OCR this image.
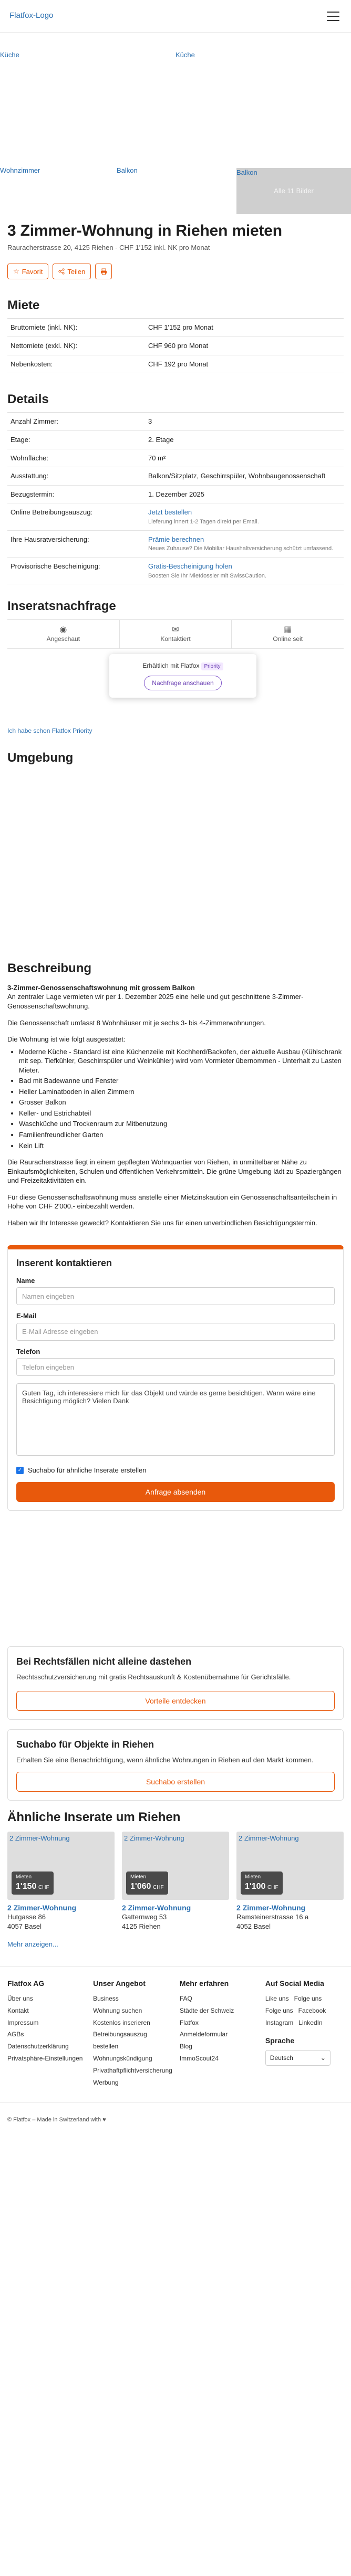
Flatfox-Logo
Küche	Küche
Wohnzimmer	Balkon	Balkon
Alle 11 Bilder
3 Zimmer-Wohnung in Riehen mieten
Rauracherstrasse 20, 4125 Riehen - CHF 1'152 inkl. NK pro Monat
☆ Favorit	Teilen
Miete
Bruttomiete (inkl. NK):	CHF 1'152 pro Monat
Nettomiete (exkl. NK):	CHF 960 pro Monat
Nebenkosten:	CHF 192 pro Monat
Details
Anzahl Zimmer:	3
Etage:	2. Etage
Wohnfläche:	70 m²
Ausstattung:	Balkon/Sitzplatz, Geschirrspüler, Wohnbaugenossenschaft
Bezugstermin:	1. Dezember 2025
Online Betreibungsauszug:	Jetzt bestellen
Lieferung innert 1-2 Tagen direkt per Email.

Ihre Hausratversicherung:	Prämie berechnen
Neues Zuhause? Die Mobiliar Haushaltversicherung schützt umfassend.

Provisorische Bescheinigung:	Gratis-Bescheinigung holen
Boosten Sie Ihr Mietdossier mit SwissCaution.
Inseratsnachfrage
◉
Angeschaut
✉
Kontaktiert
▦
Online seit
Erhältlich mit Flatfox Priority
Nachfrage anschauen
Ich habe schon Flatfox Priority
Umgebung
Beschreibung

3-Zimmer-Genossenschaftswohnung mit grossem Balkon
An zentraler Lage vermieten wir per 1. Dezember 2025 eine helle und gut geschnittene 3-Zimmer-Genossenschaftswohnung.

Die Genossenschaft umfasst 8 Wohnhäuser mit je sechs 3- bis 4-Zimmerwohnungen.

Die Wohnung ist wie folgt ausgestattet:

• Moderne Küche - Standard ist eine Küchenzeile mit Kochherd/Backofen, der aktuelle Ausbau (Kühlschrank mit sep. Tiefkühler, Geschirrspüler und Weinkühler) wird vom Vormieter übernommen - Unterhalt zu Lasten Mieter.
• Bad mit Badewanne und Fenster
• Heller Laminatboden in allen Zimmern
• Grosser Balkon
• Keller- und Estrichabteil
• Waschküche und Trockenraum zur Mitbenutzung
• Familienfreundlicher Garten
• Kein Lift

Die Rauracherstrasse liegt in einem gepflegten Wohnquartier von Riehen, in unmittelbarer Nähe zu Einkaufsmöglichkeiten, Schulen und öffentlichen Verkehrsmitteln. Die grüne Umgebung lädt zu Spaziergängen und Freizeitaktivitäten ein.

Für diese Genossenschaftswohnung muss anstelle einer Mietzinskaution ein Genossenschaftsanteilschein in Höhe von CHF 2'000.- einbezahlt werden.

Haben wir Ihr Interesse geweckt? Kontaktieren Sie uns für einen unverbindlichen Besichtigungstermin.

Inserent kontaktieren
Name
Namen eingeben
E-Mail
E-Mail Adresse eingeben
Telefon
Telefon eingeben Guten Tag, ich interessiere mich für das Objekt und würde es gerne besichtigen. Wann wäre eine Besichtigung möglich? Vielen Dank
✓ Suchabo für ähnliche Inserate erstellen
Anfrage absenden
Bei Rechtsfällen nicht alleine dastehen

Rechtsschutzversicherung mit gratis Rechtsauskunft & Kostenübernahme für Gerichtsfälle.

Vorteile entdecken
Suchabo für Objekte in Riehen

Erhalten Sie eine Benachrichtigung, wenn ähnliche Wohnungen in Riehen auf den Markt kommen.

Suchabo erstellen
Ähnliche Inserate um Riehen
2 Zimmer-Wohnung
Mieten
1'150 CHF
2 Zimmer-Wohnung
Hutgasse 86
4057 Basel
2 Zimmer-Wohnung
Mieten
1'060 CHF
2 Zimmer-Wohnung
Gatternweg 53
4125 Riehen
2 Zimmer-Wohnung
Mieten
1'100 CHF
2 Zimmer-Wohnung
Ramsteinerstrasse 16 a
4052 Basel
Mehr anzeigen...
Flatfox AG
Über uns
Kontakt
Impressum
AGBs
Datenschutzerklärung
Privatsphäre-Einstellungen
Unser Angebot
Business
Wohnung suchen
Kostenlos inserieren
Betreibungsauszug bestellen
Wohnungskündigung
Privathaftpflichtversicherung
Werbung
Mehr erfahren
FAQ
Städte der Schweiz
Flatfox
Anmeldeformular
Blog
ImmoScout24
Auf Social Media
Like uns Folge uns
Folge uns Facebook
Instagram LinkedIn
Sprache
Deutsch	⌄
© Flatfox – Made in Switzerland with ♥
